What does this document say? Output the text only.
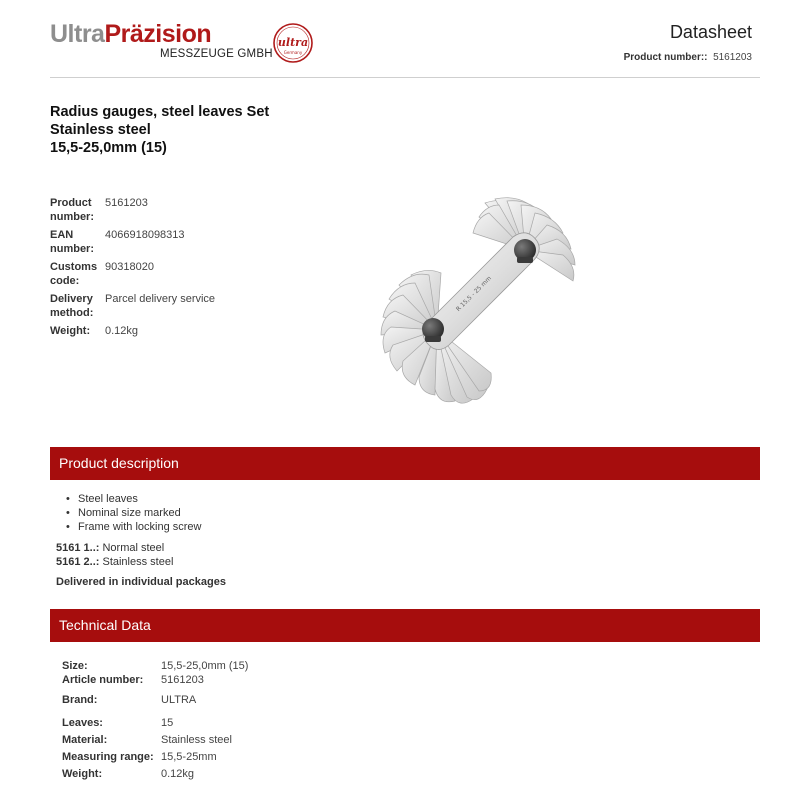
UltraPräzision
MESSZEUGE GMBH
ultra
Germany
Datasheet
Product number:: 5161203
Radius gauges, steel leaves Set
Stainless steel
15,5-25,0mm (15)
Product number:
5161203
EAN number:
4066918098313
Customs code:
90318020
Delivery method:
Parcel delivery service
Weight:	0.12kg
R 15,5 - 25 mm
Product description
• Steel leaves
• Nominal size marked
• Frame with locking screw
5161 1..: Normal steel
5161 2..: Stainless steel
Delivered in individual packages
Technical Data
Size:	15,5-25,0mm (15)
Article number:	5161203
Brand:	ULTRA
Leaves:	15
Material:	Stainless steel
Measuring range: 15,5-25mm
Weight:	0.12kg
